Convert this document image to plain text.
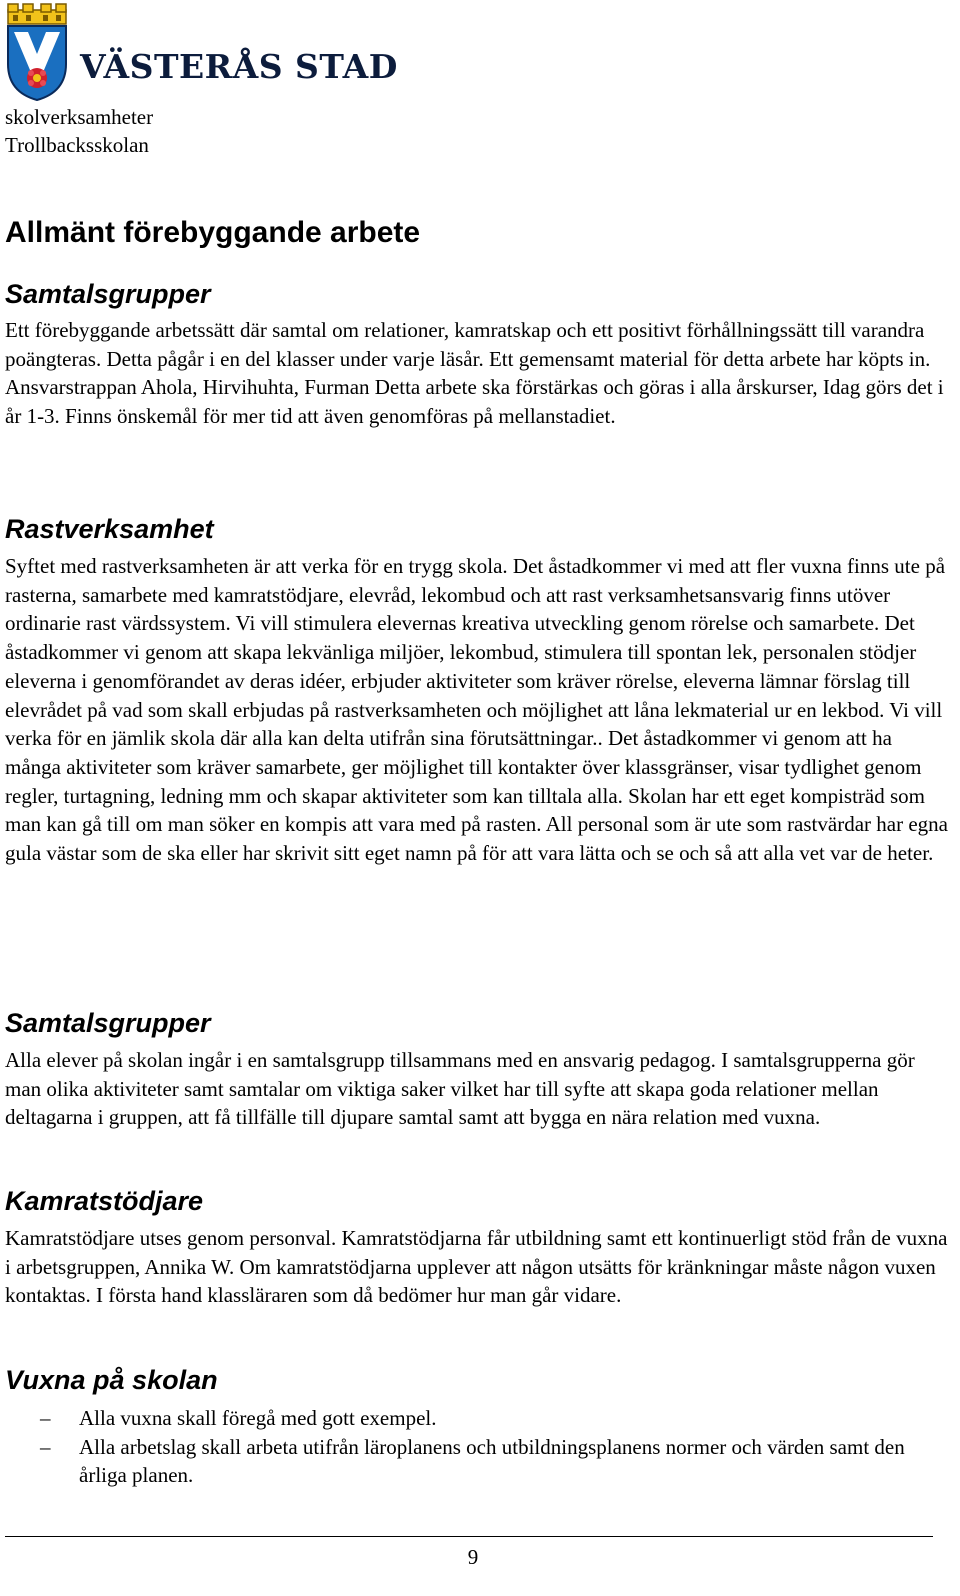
VÄSTERÅS STAD
skolverksamheter
Trollbacksskolan
Allmänt förebyggande arbete
Samtalsgrupper

Ett förebyggande arbetssätt där samtal om relationer, kamratskap och ett positivt förhållningssätt till varandra poängteras. Detta pågår i en del klasser under varje läsår. Ett gemensamt material för detta arbete har köpts in. Ansvarstrappan Ahola, Hirvihuhta, Furman Detta arbete ska förstärkas och göras i alla årskurser, Idag görs det i år 1-3. Finns önskemål för mer tid att även genomföras på mellanstadiet.

Rastverksamhet

Syftet med rastverksamheten är att verka för en trygg skola. Det åstadkommer vi med att fler vuxna finns ute på rasterna, samarbete med kamratstödjare, elevråd, lekombud och att rast verksamhetsansvarig finns utöver ordinarie rast värdssystem. Vi vill stimulera elevernas kreativa utveckling genom rörelse och samarbete. Det åstadkommer vi genom att skapa lekvänliga miljöer, lekombud, stimulera till spontan lek, personalen stödjer eleverna i genomförandet av deras idéer, erbjuder aktiviteter som kräver rörelse, eleverna lämnar förslag till elevrådet på vad som skall erbjudas på rastverksamheten och möjlighet att låna lekmaterial ur en lekbod. Vi vill verka för en jämlik skola där alla kan delta utifrån sina förutsättningar.. Det åstadkommer vi genom att ha många aktiviteter som kräver samarbete, ger möjlighet till kontakter över klassgränser, visar tydlighet genom regler, turtagning, ledning mm och skapar aktiviteter som kan tilltala alla. Skolan har ett eget kompisträd som man kan gå till om man söker en kompis att vara med på rasten. All personal som är ute som rastvärdar har egna gula västar som de ska eller har skrivit sitt eget namn på för att vara lätta och se och så att alla vet var de heter.

Samtalsgrupper

Alla elever på skolan ingår i en samtalsgrupp tillsammans med en ansvarig pedagog. I samtalsgrupperna gör man olika aktiviteter samt samtalar om viktiga saker vilket har till syfte att skapa goda relationer mellan deltagarna i gruppen, att få tillfälle till djupare samtal samt att bygga en nära relation med vuxna.

Kamratstödjare

Kamratstödjare utses genom personval. Kamratstödjarna får utbildning samt ett kontinuerligt stöd från de vuxna i arbetsgruppen, Annika W. Om kamratstödjarna upplever att någon utsätts för kränkningar måste någon vuxen kontaktas. I första hand klassläraren som då bedömer hur man går vidare.

Vuxna på skolan
– Alla vuxna skall föregå med gott exempel.
– Alla arbetslag skall arbeta utifrån läroplanens och utbildningsplanens normer och värden samt den årliga planen.
9
